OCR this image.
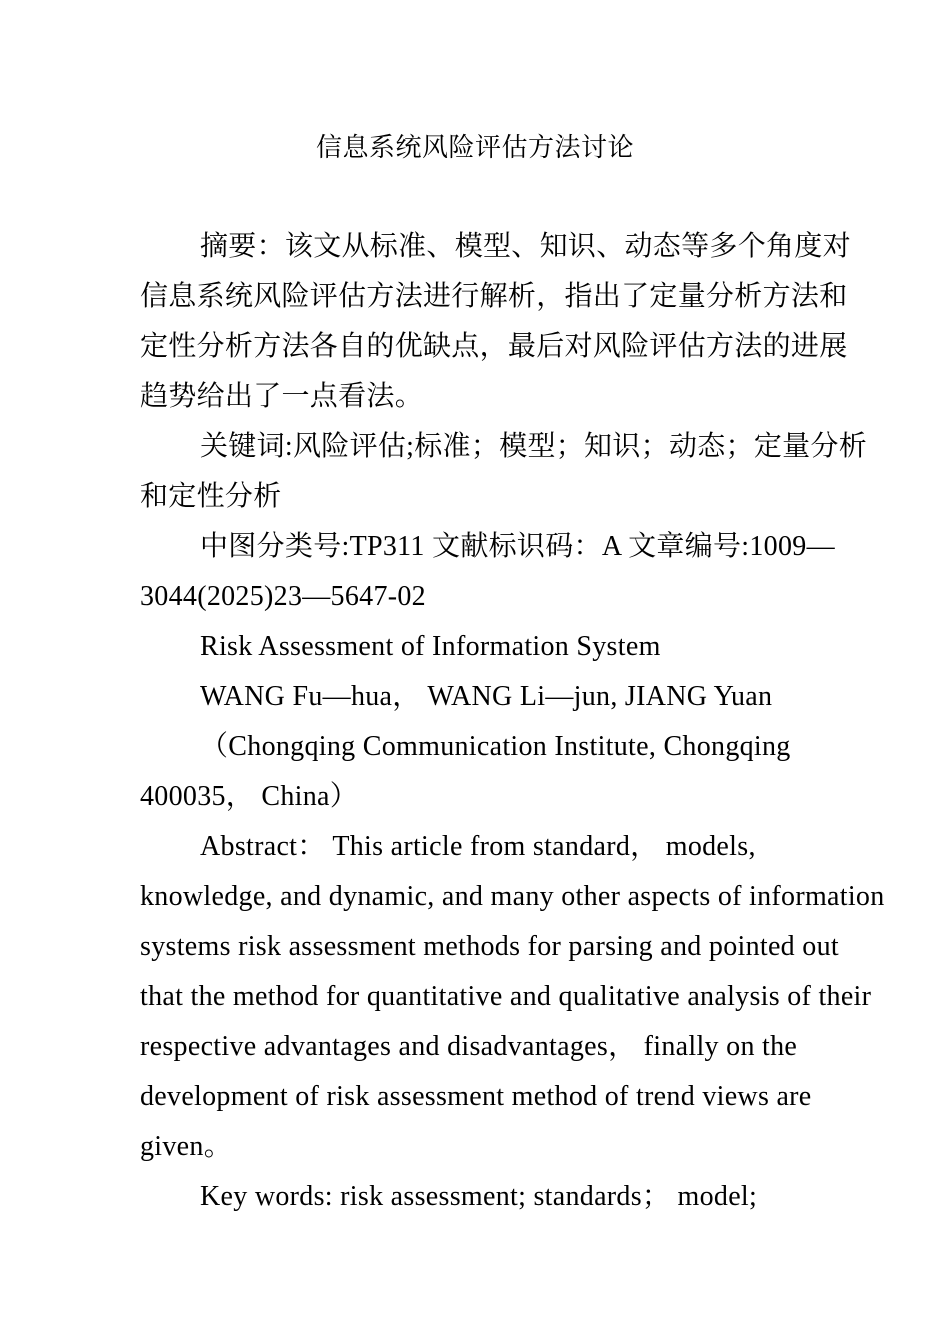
信息系统风险评估方法讨论
摘要：该文从标准、模型、知识、动态等多个角度对
信息系统风险评估方法进行解析，指出了定量分析方法和
定性分析方法各自的优缺点，最后对风险评估方法的进展
趋势给出了一点看法。
关键词:风险评估;标准；模型；知识；动态；定量分析
和定性分析
中图分类号:TP311 文献标识码：A 文章编号:1009—
3044(2025)23—5647-02
Risk Assessment of Information System
WANG Fu—hua， WANG Li—jun, JIANG Yuan
（Chongqing Communication Institute, Chongqing
400035， China）
Abstract： This article from standard， models,
knowledge, and dynamic, and many other aspects of information
systems risk assessment methods for parsing and pointed out
that the method for quantitative and qualitative analysis of their
respective advantages and disadvantages， finally on the
development of risk assessment method of trend views are
given。
Key words: risk assessment; standards； model;
